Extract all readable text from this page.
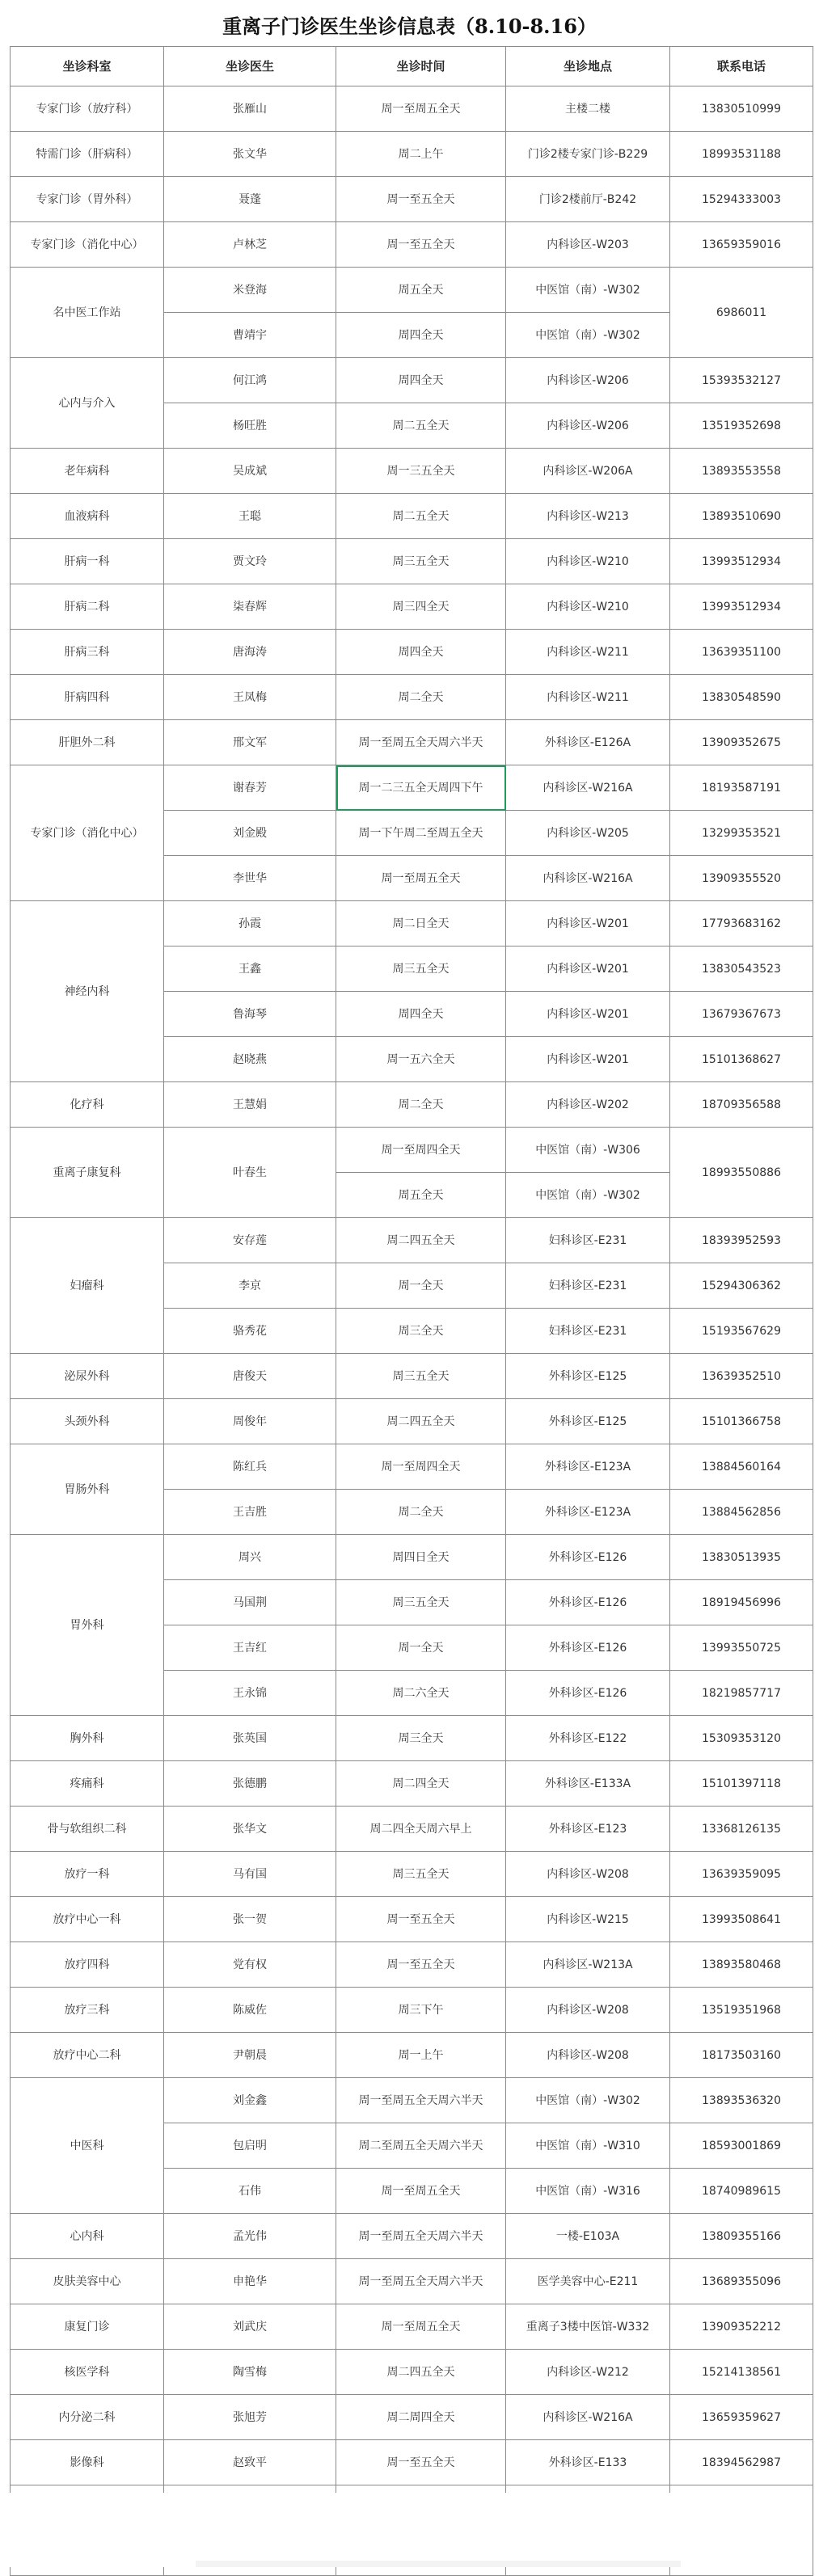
重离子门诊医生坐诊信息表（8.10-8.16）
坐诊科室	坐诊医生	坐诊时间	坐诊地点	联系电话
专家门诊（放疗科）	张雁山	周一至周五全天	主楼二楼	13830510999
特需门诊（肝病科）	张文华	周二上午	门诊2楼专家门诊-B229	18993531188
专家门诊（胃外科）	聂蓬	周一至五全天	门诊2楼前厅-B242	15294333003
专家门诊（消化中心）	卢林芝	周一至五全天	内科诊区-W203	13659359016
名中医工作站	米登海	周五全天	中医馆（南）-W302	6986011
	曹靖宇	周四全天	中医馆（南）-W302	
心内与介入	何江鸿	周四全天	内科诊区-W206	15393532127
	杨旺胜	周二五全天	内科诊区-W206	13519352698
老年病科	吴成斌	周一三五全天	内科诊区-W206A	13893553558
血液病科	王聪	周二五全天	内科诊区-W213	13893510690
肝病一科	贾文玲	周三五全天	内科诊区-W210	13993512934
肝病二科	柒春辉	周三四全天	内科诊区-W210	13993512934
肝病三科	唐海涛	周四全天	内科诊区-W211	13639351100
肝病四科	王凤梅	周二全天	内科诊区-W211	13830548590
肝胆外二科	邢文军	周一至周五全天周六半天	外科诊区-E126A	13909352675
专家门诊（消化中心）	谢春芳	周一二三五全天周四下午	内科诊区-W216A	18193587191
	刘金殿	周一下午周二至周五全天	内科诊区-W205	13299353521
	李世华	周一至周五全天	内科诊区-W216A	13909355520
神经内科	孙霞	周二日全天	内科诊区-W201	17793683162
	王鑫	周三五全天	内科诊区-W201	13830543523
	鲁海琴	周四全天	内科诊区-W201	13679367673
	赵晓燕	周一五六全天	内科诊区-W201	15101368627
化疗科	王慧娟	周二全天	内科诊区-W202	18709356588
重离子康复科	叶春生	周一至周四全天	中医馆（南）-W306	18993550886
		周五全天	中医馆（南）-W302	
妇瘤科	安存莲	周二四五全天	妇科诊区-E231	18393952593
	李京	周一全天	妇科诊区-E231	15294306362
	骆秀花	周三全天	妇科诊区-E231	15193567629
泌尿外科	唐俊天	周三五全天	外科诊区-E125	13639352510
头颈外科	周俊年	周二四五全天	外科诊区-E125	15101366758
胃肠外科	陈红兵	周一至周四全天	外科诊区-E123A	13884560164
	王吉胜	周二全天	外科诊区-E123A	13884562856
胃外科	周兴	周四日全天	外科诊区-E126	13830513935
	马国荆	周三五全天	外科诊区-E126	18919456996
	王吉红	周一全天	外科诊区-E126	13993550725
	王永锦	周二六全天	外科诊区-E126	18219857717
胸外科	张英国	周三全天	外科诊区-E122	15309353120
疼痛科	张德鹏	周二四全天	外科诊区-E133A	15101397118
骨与软组织二科	张华文	周二四全天周六早上	外科诊区-E123	13368126135
放疗一科	马有国	周三五全天	内科诊区-W208	13639359095
放疗中心一科	张一贺	周一至五全天	内科诊区-W215	13993508641
放疗四科	党有权	周一至五全天	内科诊区-W213A	13893580468
放疗三科	陈威佐	周三下午	内科诊区-W208	13519351968
放疗中心二科	尹朝晨	周一上午	内科诊区-W208	18173503160
中医科	刘金鑫	周一至周五全天周六半天	中医馆（南）-W302	13893536320
	包启明	周二至周五全天周六半天	中医馆（南）-W310	18593001869
	石伟	周一至周五全天	中医馆（南）-W316	18740989615
心内科	孟光伟	周一至周五全天周六半天	一楼-E103A	13809355166
皮肤美容中心	申艳华	周一至周五全天周六半天	医学美容中心-E211	13689355096
康复门诊	刘武庆	周一至周五全天	重离子3楼中医馆-W332	13909352212
核医学科	陶雪梅	周二四五全天	内科诊区-W212	15214138561
内分泌二科	张旭芳	周二周四全天	内科诊区-W216A	13659359627
影像科	赵致平	周一至五全天	外科诊区-E133	18394562987
